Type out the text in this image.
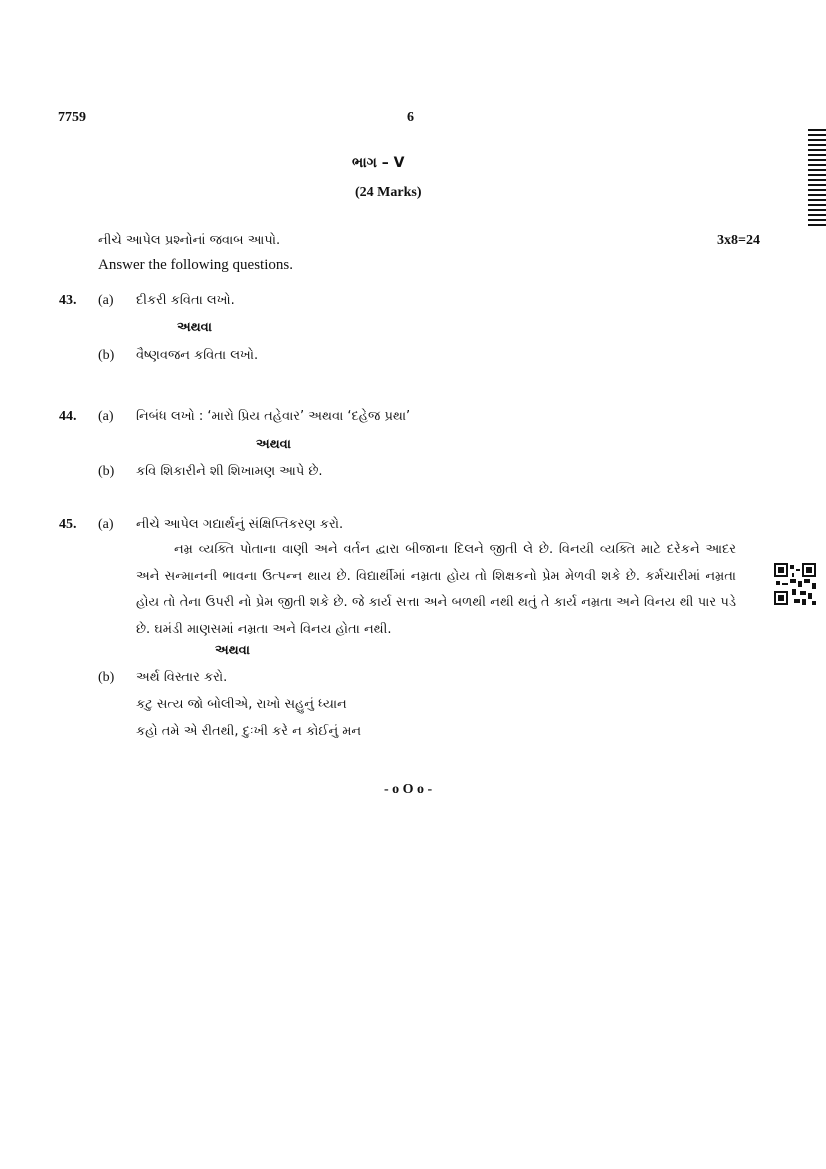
7759	6
ભાગ – V
(24 Marks)
નીચે આપેલ પ્રશ્નોનાં જવાબ આપો.	3x8=24
Answer the following questions.
43. (a) દીકરી કવિતા લખો.
અથવા
(b) વૈષ્ણવજન કવિતા લખો.
44. (a) નિબંધ લખો : ‘મારો પ્રિય તહેવાર’ અથવા ‘દહેજ પ્રથા’
અથવા
(b) કવિ શિકારીને શી શિખામણ આપે છે.
45. (a) નીચે આપેલ ગદ્યાર્થનું સંક્ષિપ્તિકરણ કરો.
નમ્ર વ્યક્તિ પોતાના વાણી અને વર્તન દ્વારા બીજાના દિલને જીતી લે છે. વિનયી વ્યક્તિ માટે દરેકને આદર અને સન્માનની ભાવના ઉત્પન્ન થાય છે. વિદ્યાર્થીમાં નમ્રતા હોય તો શિક્ષકનો પ્રેમ મેળવી શકે છે. કર્મચારીમાં નમ્રતા હોય તો તેના ઉપરી નો પ્રેમ જીતી શકે છે. જે કાર્ય સત્તા અને બળથી નથી થતું તે કાર્ય નમ્રતા અને વિનય થી પાર પડે છે. ઘમંડી માણસમાં નમ્રતા અને વિનય હોતા નથી.
અથવા
(b) અર્થ વિસ્તાર કરો.
કટુ સત્ય જો બોલીએ, રાખો સહુનું ધ્યાન
કહો તમે એ રીતથી, દુઃખી કરે ન કોઈનું મન
- o O o -
